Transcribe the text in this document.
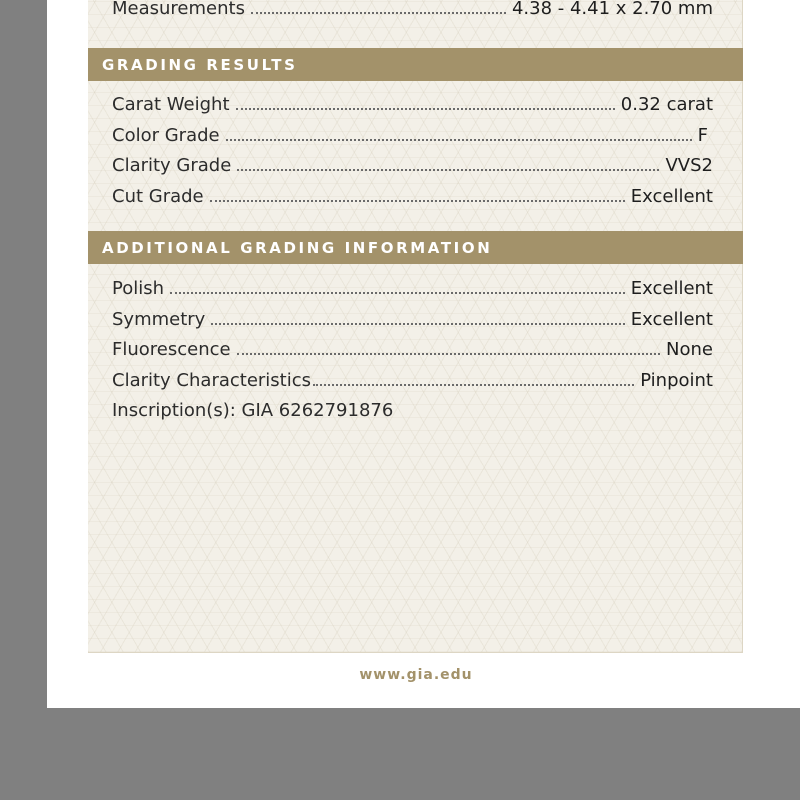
Measurements	4.38 - 4.41 x 2.70 mm
GRADING RESULTS
Carat Weight	0.32 carat
Color Grade	F
Clarity Grade	VVS2
Cut Grade	Excellent
ADDITIONAL GRADING INFORMATION
Polish	Excellent
Symmetry	Excellent
Fluorescence	None
Clarity Characteristics	Pinpoint
Inscription(s): GIA 6262791876
www.gia.edu
